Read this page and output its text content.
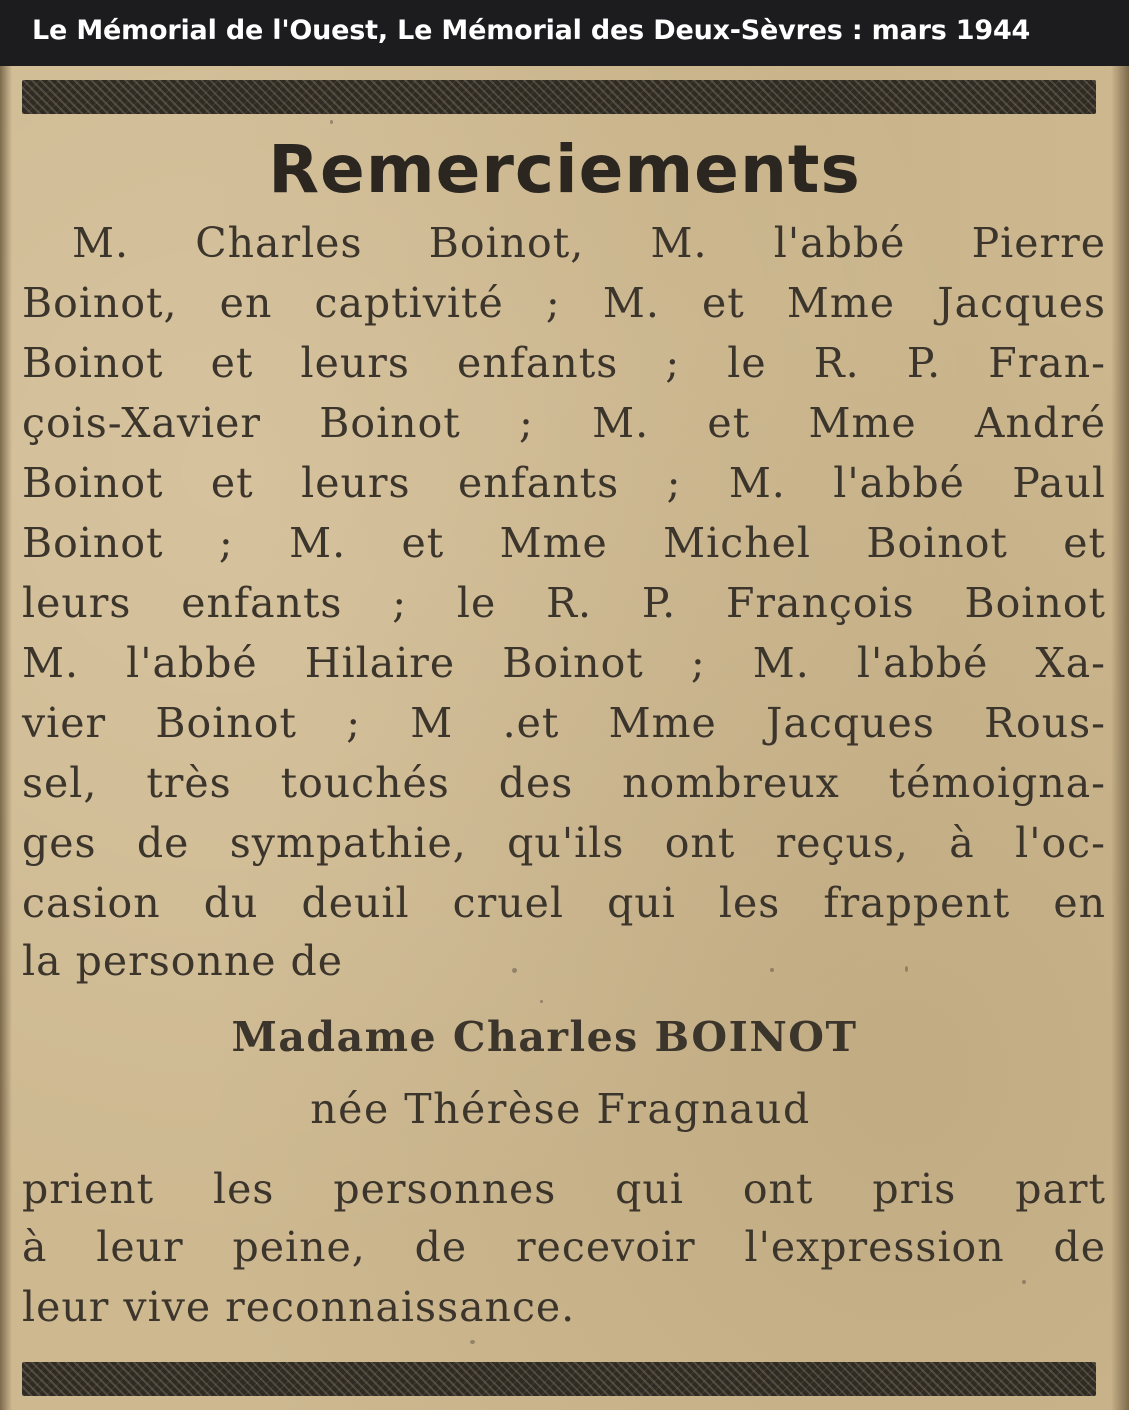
Le Mémorial de l'Ouest, Le Mémorial des Deux-Sèvres : mars 1944
Remerciements
M. Charles Boinot, M. l'abbé Pierre
Boinot, en captivité ; M. et Mme Jacques
Boinot et leurs enfants ; le R. P. Fran-
çois-Xavier Boinot ; M. et Mme André
Boinot et leurs enfants ; M. l'abbé Paul
Boinot ; M. et Mme Michel Boinot et
leurs enfants ; le R. P. François Boinot
M. l'abbé Hilaire Boinot ; M. l'abbé Xa-
vier Boinot ; M .et Mme Jacques Rous-
sel, très touchés des nombreux témoigna-
ges de sympathie, qu'ils ont reçus, à l'oc-
casion du deuil cruel qui les frappent en
la personne de
Madame Charles BOINOT
née Thérèse Fragnaud
prient les personnes qui ont pris part
à leur peine, de recevoir l'expression de
leur vive reconnaissance.
